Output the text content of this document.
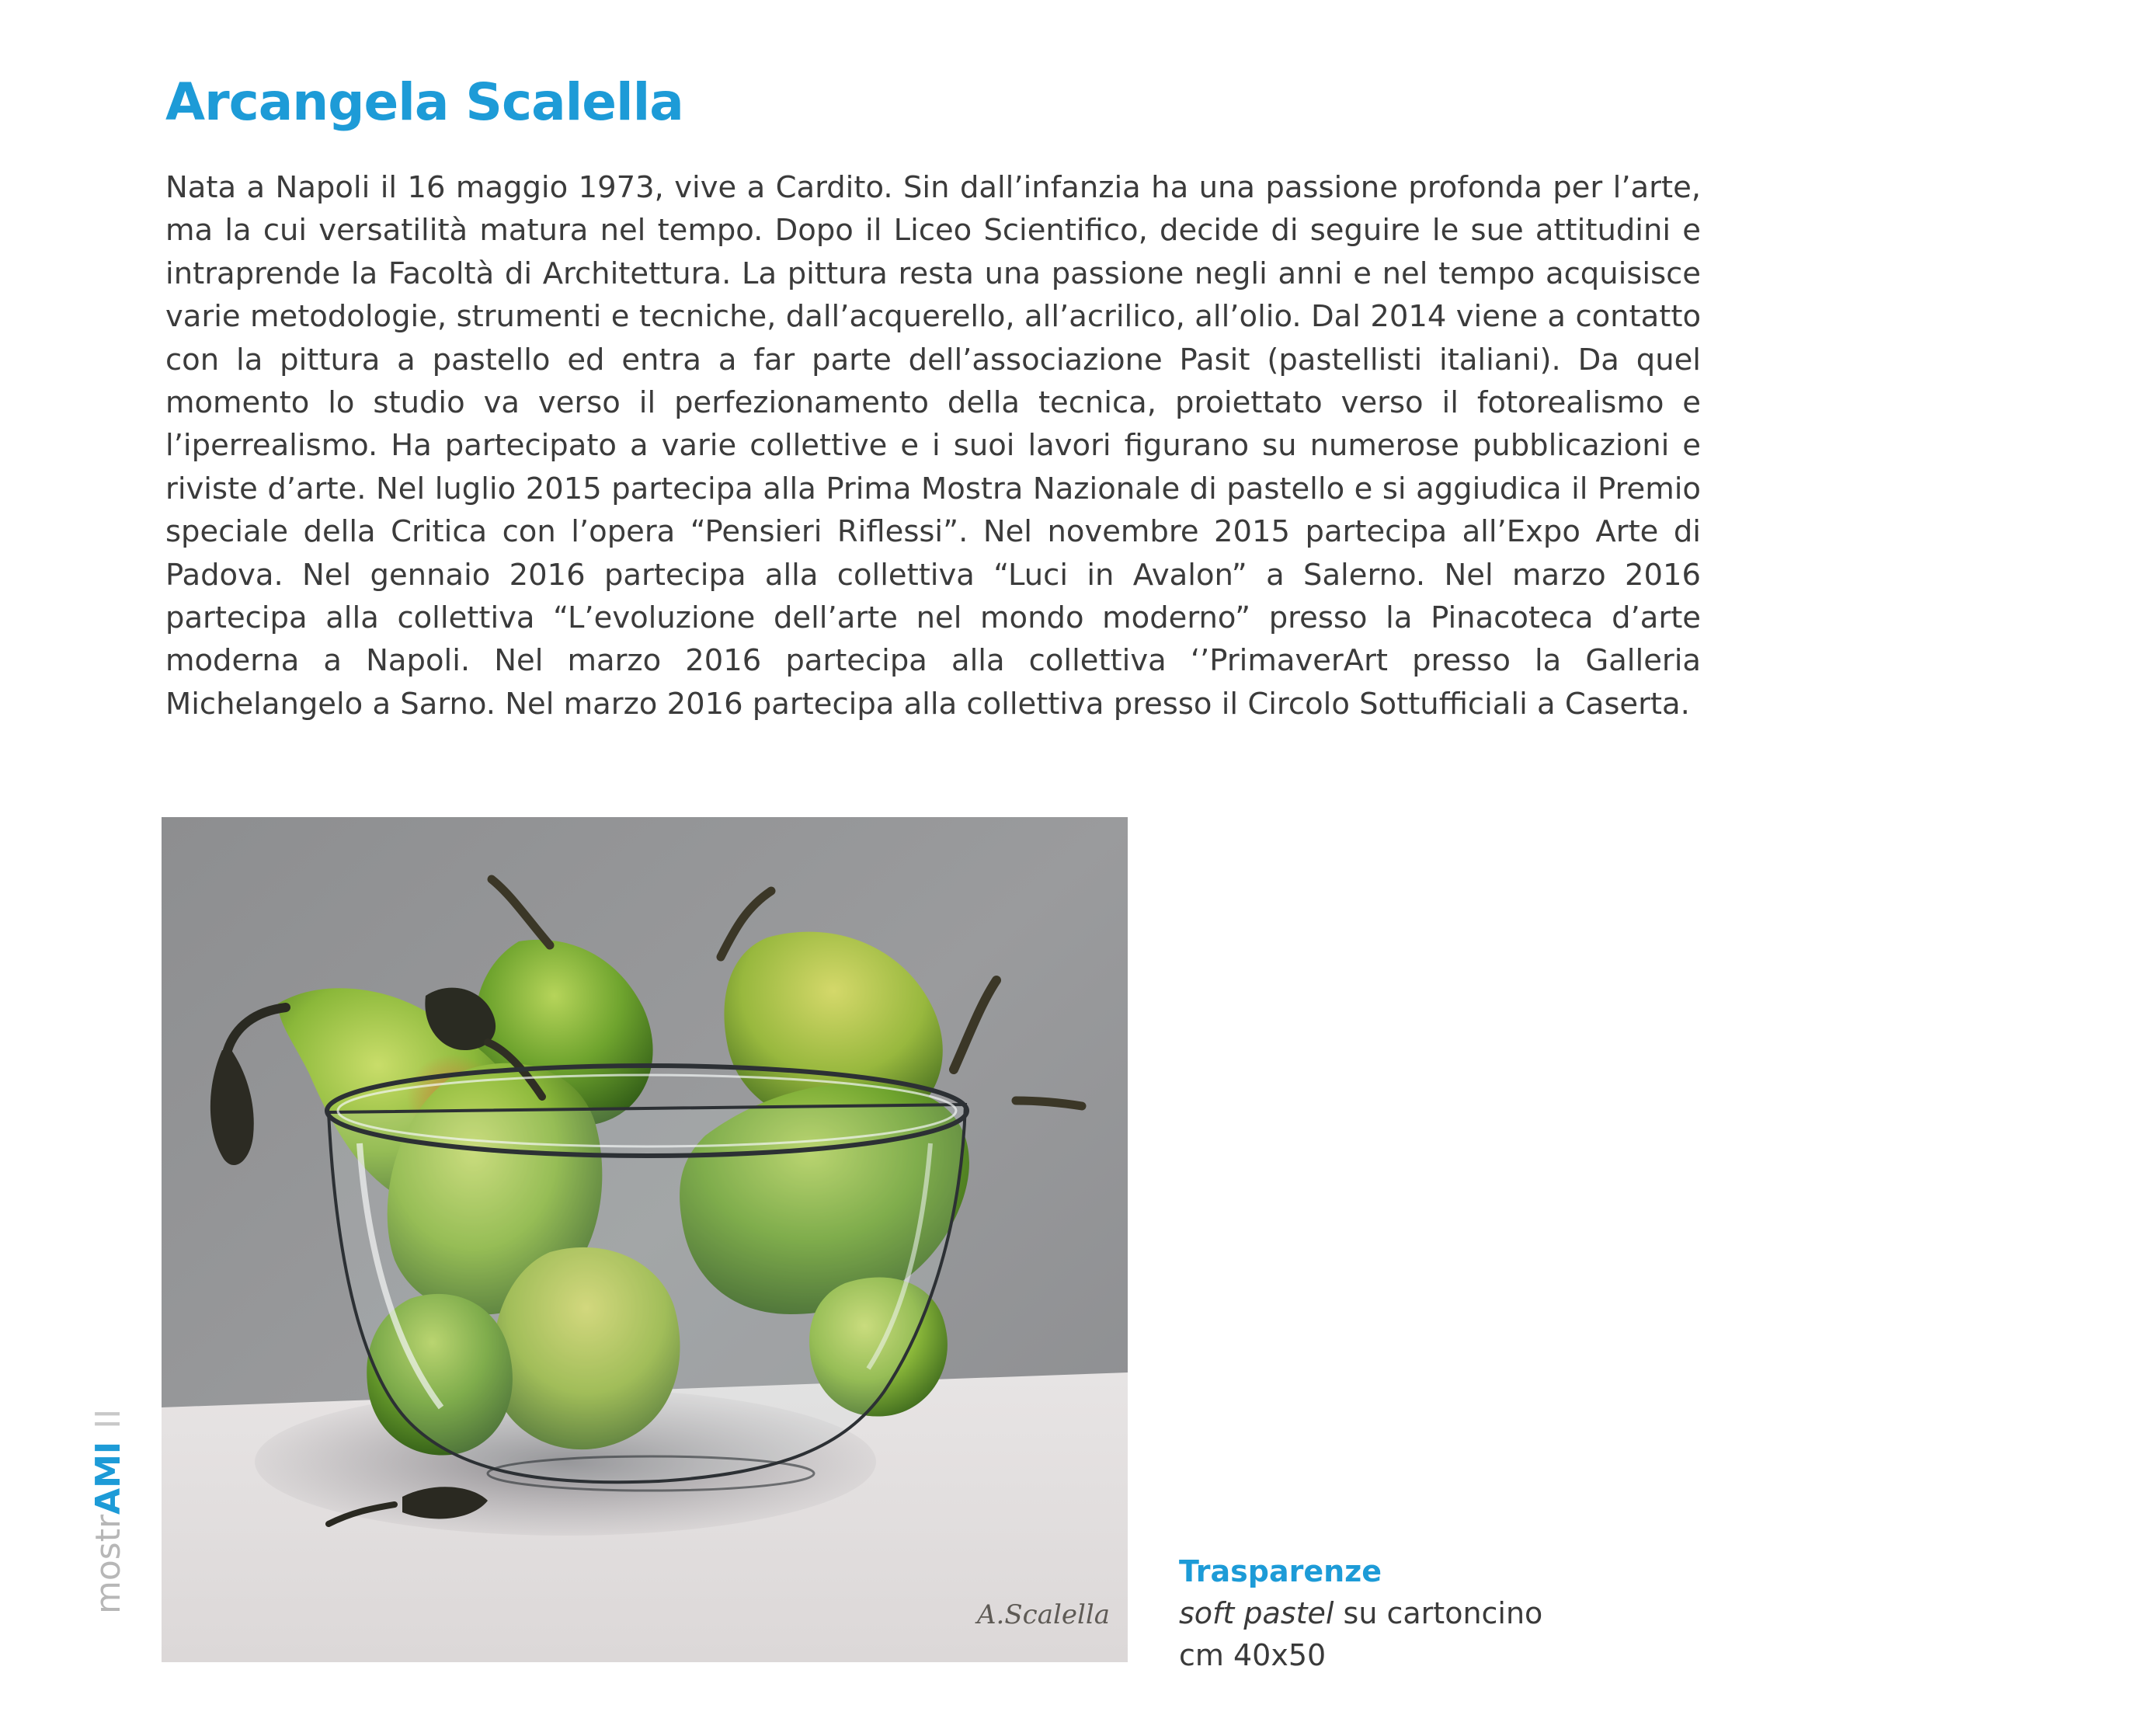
Arcangela Scalella

Nata a Napoli il 16 maggio 1973, vive a Cardito. Sin dall’infanzia ha una passione profonda per l’arte, ma la cui versatilità matura nel tempo. Dopo il Liceo Scientifico, decide di seguire le sue attitudini e intraprende la Facoltà di Architettura. La pittura resta una passione negli anni e nel tempo acquisisce varie metodologie, strumenti e tecniche, dall’acquerello, all’acrilico, all’olio. Dal 2014 viene a contatto con la pittura a pastello ed entra a far parte dell’associazione Pasit (pastellisti italiani). Da quel momento lo studio va verso il perfezionamento della tecnica, proiettato verso il fotorealismo e l’iperrealismo. Ha partecipato a varie collettive e i suoi lavori figurano su numerose pubblicazioni e riviste d’arte. Nel luglio 2015 partecipa alla Prima Mostra Nazionale di pastello e si aggiudica il Premio speciale della Critica con l’opera “Pensieri Riflessi”. Nel novembre 2015 partecipa all’Expo Arte di Padova. Nel gennaio 2016 partecipa alla collettiva “Luci in Avalon” a Salerno. Nel marzo 2016 partecipa alla collettiva “L’evoluzione dell’arte nel mondo moderno” presso la Pinacoteca d’arte moderna a Napoli. Nel marzo 2016 partecipa alla collettiva ‘’PrimaverArt presso la Galleria Michelangelo a Sarno. Nel marzo 2016 partecipa alla collettiva presso il Circolo Sottufficiali a Caserta.

A.Scalella
Trasparenze
soft pastel su cartoncino
cm 40x50
mostrAMIII
